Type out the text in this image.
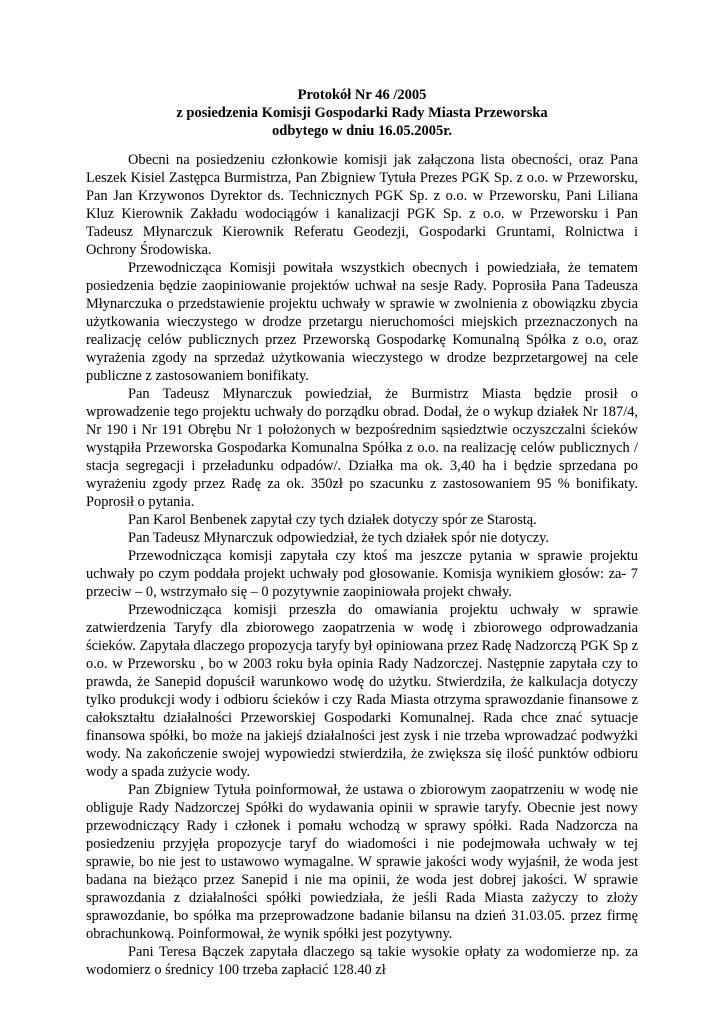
Protokół Nr 46 /2005
z posiedzenia Komisji Gospodarki Rady Miasta Przeworska
odbytego w dniu 16.05.2005r.

Obecni na posiedzeniu członkowie komisji jak załączona lista obecności, oraz Pana Leszek Kisiel Zastępca Burmistrza, Pan Zbigniew Tytuła Prezes PGK Sp. z o.o. w Przeworsku, Pan Jan Krzywonos Dyrektor ds. Technicznych PGK Sp. z o.o. w Przeworsku, Pani Liliana Kluz Kierownik Zakładu wodociągów i kanalizacji PGK Sp. z o.o. w Przeworsku i Pan Tadeusz Młynarczuk Kierownik Referatu Geodezji, Gospodarki Gruntami, Rolnictwa i Ochrony Środowiska.

Przewodnicząca Komisji powitała wszystkich obecnych i powiedziała, że tematem posiedzenia będzie zaopiniowanie projektów uchwał na sesje Rady. Poprosiła Pana Tadeusza Młynarczuka o przedstawienie projektu uchwały w sprawie w zwolnienia z obowiązku zbycia użytkowania wieczystego w drodze przetargu nieruchomości miejskich przeznaczonych na realizację celów publicznych przez Przeworską Gospodarkę Komunalną Spółka z o.o, oraz wyrażenia zgody na sprzedaż użytkowania wieczystego w drodze bezprzetargowej na cele publiczne z zastosowaniem bonifikaty.

Pan Tadeusz Młynarczuk powiedział, że Burmistrz Miasta będzie prosił o wprowadzenie tego projektu uchwały do porządku obrad. Dodał, że o wykup działek Nr 187/4, Nr 190 i Nr 191 Obrębu Nr 1 położonych w bezpośrednim sąsiedztwie oczyszczalni ścieków wystąpiła Przeworska Gospodarka Komunalna Spółka z o.o. na realizację celów publicznych / stacja segregacji i przeładunku odpadów/. Działka ma ok. 3,40 ha i będzie sprzedana po wyrażeniu zgody przez Radę za ok. 350zł po szacunku z zastosowaniem 95 % bonifikaty. Poprosił o pytania.

Pan Karol Benbenek zapytał czy tych działek dotyczy spór ze Starostą.

Pan Tadeusz Młynarczuk odpowiedział, że tych działek spór nie dotyczy.

Przewodnicząca komisji zapytała czy ktoś ma jeszcze pytania w sprawie projektu uchwały po czym poddała projekt uchwały pod głosowanie. Komisja wynikiem głosów: za- 7 przeciw – 0, wstrzymało się – 0 pozytywnie zaopiniowała projekt chwały.

Przewodnicząca komisji przeszła do omawiania projektu uchwały w sprawie zatwierdzenia Taryfy dla zbiorowego zaopatrzenia w wodę i zbiorowego odprowadzania ścieków. Zapytała dlaczego propozycja taryfy był opiniowana przez Radę Nadzorczą PGK Sp z o.o. w Przeworsku , bo w 2003 roku była opinia Rady Nadzorczej. Następnie zapytała czy to prawda, że Sanepid dopuścił warunkowo wodę do użytku. Stwierdziła, że kalkulacja dotyczy tylko produkcji wody i odbioru ścieków i czy Rada Miasta otrzyma sprawozdanie finansowe z całokształtu działalności Przeworskiej Gospodarki Komunalnej. Rada chce znać sytuacje finansowa spółki, bo może na jakiejś działalności jest zysk i nie trzeba wprowadzać podwyżki wody. Na zakończenie swojej wypowiedzi stwierdziła, że zwiększa się ilość punktów odbioru wody a spada zużycie wody.

Pan Zbigniew Tytuła poinformował, że ustawa o zbiorowym zaopatrzeniu w wodę nie obliguje Rady Nadzorczej Spółki do wydawania opinii w sprawie taryfy. Obecnie jest nowy przewodniczący Rady i członek i pomału wchodzą w sprawy spółki. Rada Nadzorcza na posiedzeniu przyjęła propozycje taryf do wiadomości i nie podejmowała uchwały w tej sprawie, bo nie jest to ustawowo wymagalne. W sprawie jakości wody wyjaśnił, że woda jest badana na bieżąco przez Sanepid i nie ma opinii, że woda jest dobrej jakości. W sprawie sprawozdania z działalności spółki powiedziała, że jeśli Rada Miasta zażyczy to złoży sprawozdanie, bo spółka ma przeprowadzone badanie bilansu na dzień 31.03.05. przez firmę obrachunkową. Poinformował, że wynik spółki jest pozytywny.

Pani Teresa Bączek zapytała dlaczego są takie wysokie opłaty za wodomierze np. za wodomierz o średnicy 100 trzeba zapłacić 128.40 zł
